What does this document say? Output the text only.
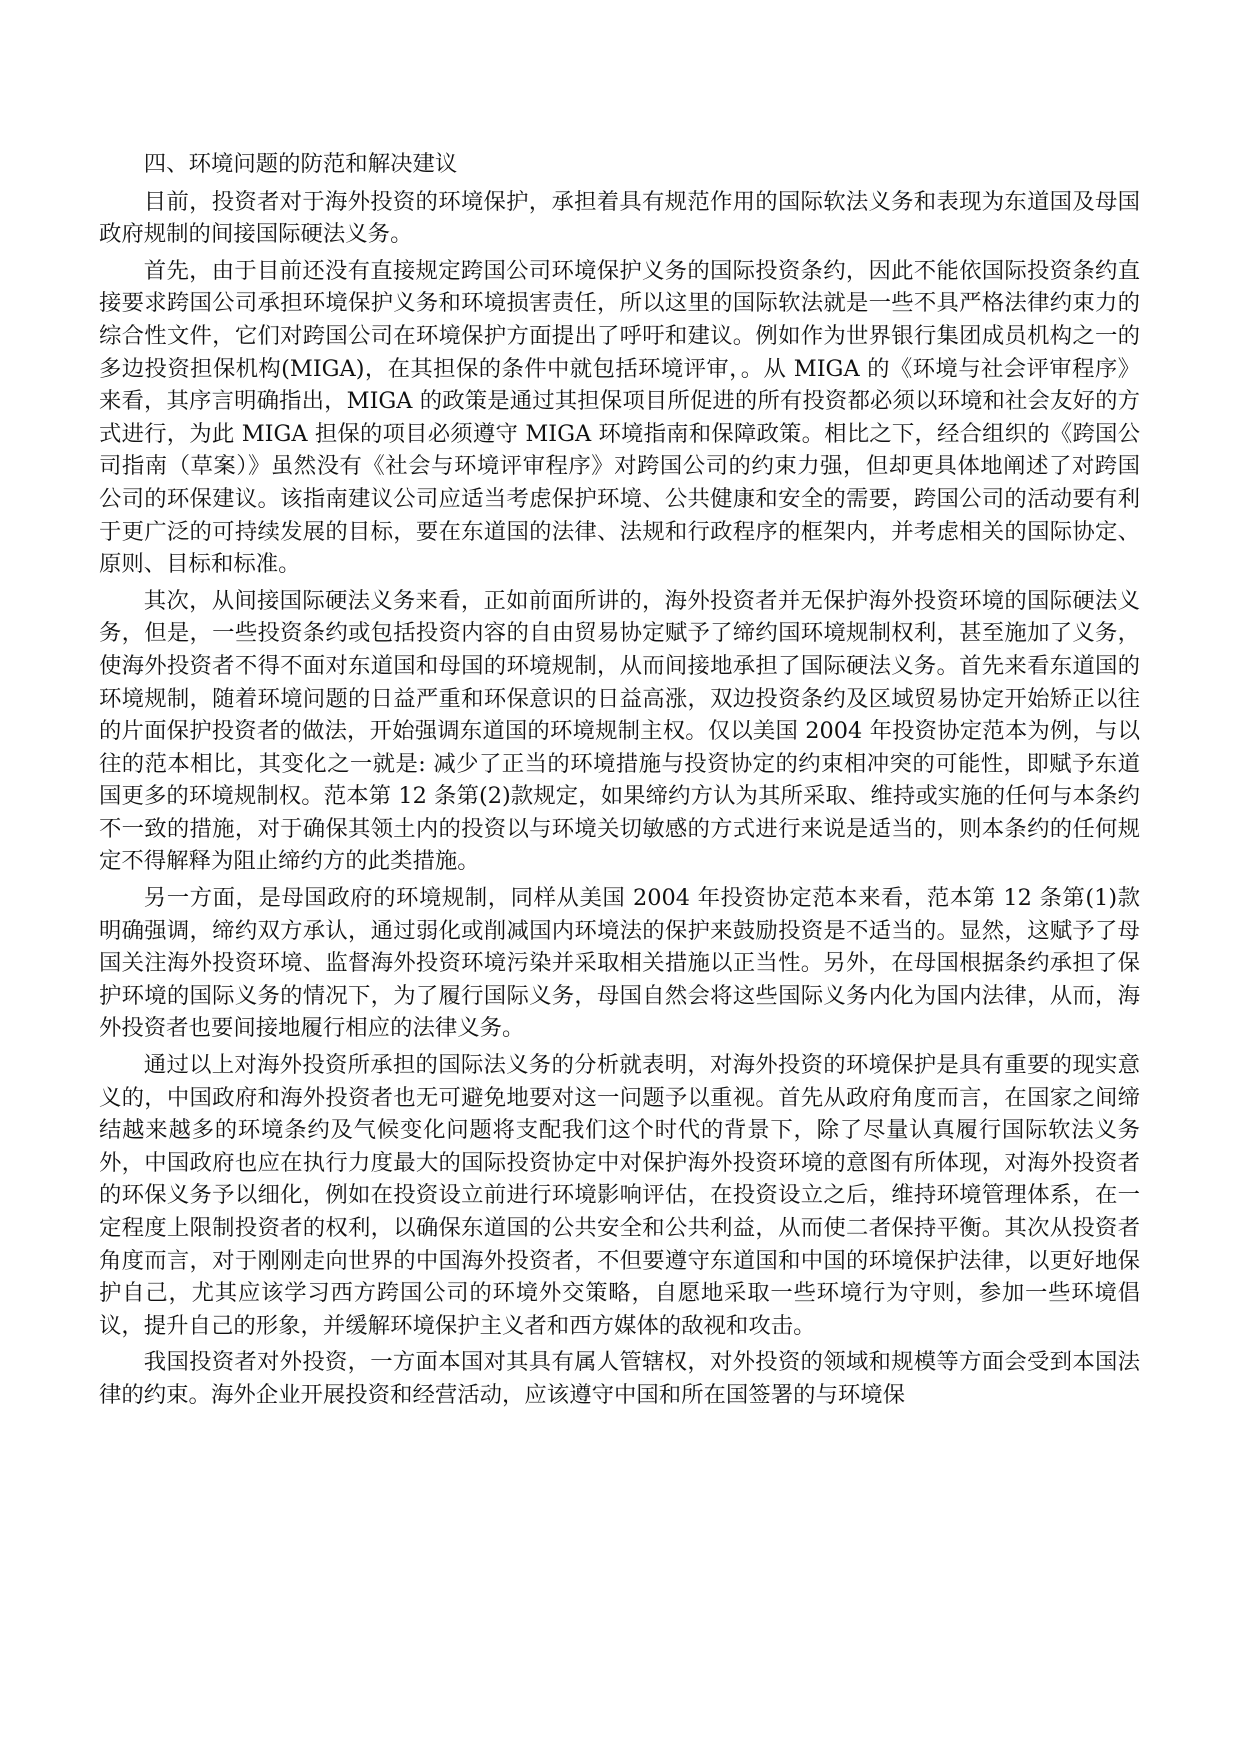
四、环境问题的防范和解决建议

目前，投资者对于海外投资的环境保护，承担着具有规范作用的国际软法义务和表现为东道国及母国政府规制的间接国际硬法义务。

首先，由于目前还没有直接规定跨国公司环境保护义务的国际投资条约，因此不能依国际投资条约直接要求跨国公司承担环境保护义务和环境损害责任，所以这里的国际软法就是一些不具严格法律约束力的综合性文件，它们对跨国公司在环境保护方面提出了呼吁和建议。例如作为世界银行集团成员机构之一的多边投资担保机构(MIGA)，在其担保的条件中就包括环境评审，。从 MIGA 的《环境与社会评审程序》来看，其序言明确指出，MIGA 的政策是通过其担保项目所促进的所有投资都必须以环境和社会友好的方式进行，为此 MIGA 担保的项目必须遵守 MIGA 环境指南和保障政策。相比之下，经合组织的《跨国公司指南（草案）》虽然没有《社会与环境评审程序》对跨国公司的约束力强，但却更具体地阐述了对跨国公司的环保建议。该指南建议公司应适当考虑保护环境、公共健康和安全的需要，跨国公司的活动要有利于更广泛的可持续发展的目标，要在东道国的法律、法规和行政程序的框架内，并考虑相关的国际协定、原则、目标和标准。

其次，从间接国际硬法义务来看，正如前面所讲的，海外投资者并无保护海外投资环境的国际硬法义务，但是，一些投资条约或包括投资内容的自由贸易协定赋予了缔约国环境规制权利，甚至施加了义务，使海外投资者不得不面对东道国和母国的环境规制，从而间接地承担了国际硬法义务。首先来看东道国的环境规制，随着环境问题的日益严重和环保意识的日益高涨，双边投资条约及区域贸易协定开始矫正以往的片面保护投资者的做法，开始强调东道国的环境规制主权。仅以美国 2004 年投资协定范本为例，与以往的范本相比，其变化之一就是: 减少了正当的环境措施与投资协定的约束相冲突的可能性，即赋予东道国更多的环境规制权。范本第 12 条第(2)款规定，如果缔约方认为其所采取、维持或实施的任何与本条约不一致的措施，对于确保其领土内的投资以与环境关切敏感的方式进行来说是适当的，则本条约的任何规定不得解释为阻止缔约方的此类措施。

另一方面，是母国政府的环境规制，同样从美国 2004 年投资协定范本来看，范本第 12 条第(1)款明确强调，缔约双方承认，通过弱化或削减国内环境法的保护来鼓励投资是不适当的。显然，这赋予了母国关注海外投资环境、监督海外投资环境污染并采取相关措施以正当性。另外，在母国根据条约承担了保护环境的国际义务的情况下，为了履行国际义务，母国自然会将这些国际义务内化为国内法律，从而，海外投资者也要间接地履行相应的法律义务。

通过以上对海外投资所承担的国际法义务的分析就表明，对海外投资的环境保护是具有重要的现实意义的，中国政府和海外投资者也无可避免地要对这一问题予以重视。首先从政府角度而言，在国家之间缔结越来越多的环境条约及气候变化问题将支配我们这个时代的背景下，除了尽量认真履行国际软法义务外，中国政府也应在执行力度最大的国际投资协定中对保护海外投资环境的意图有所体现，对海外投资者的环保义务予以细化，例如在投资设立前进行环境影响评估，在投资设立之后，维持环境管理体系，在一定程度上限制投资者的权利，以确保东道国的公共安全和公共利益，从而使二者保持平衡。其次从投资者角度而言，对于刚刚走向世界的中国海外投资者，不但要遵守东道国和中国的环境保护法律，以更好地保护自己，尤其应该学习西方跨国公司的环境外交策略，自愿地采取一些环境行为守则，参加一些环境倡议，提升自己的形象，并缓解环境保护主义者和西方媒体的敌视和攻击。

我国投资者对外投资，一方面本国对其具有属人管辖权，对外投资的领域和规模等方面会受到本国法律的约束。海外企业开展投资和经营活动，应该遵守中国和所在国签署的与环境保
